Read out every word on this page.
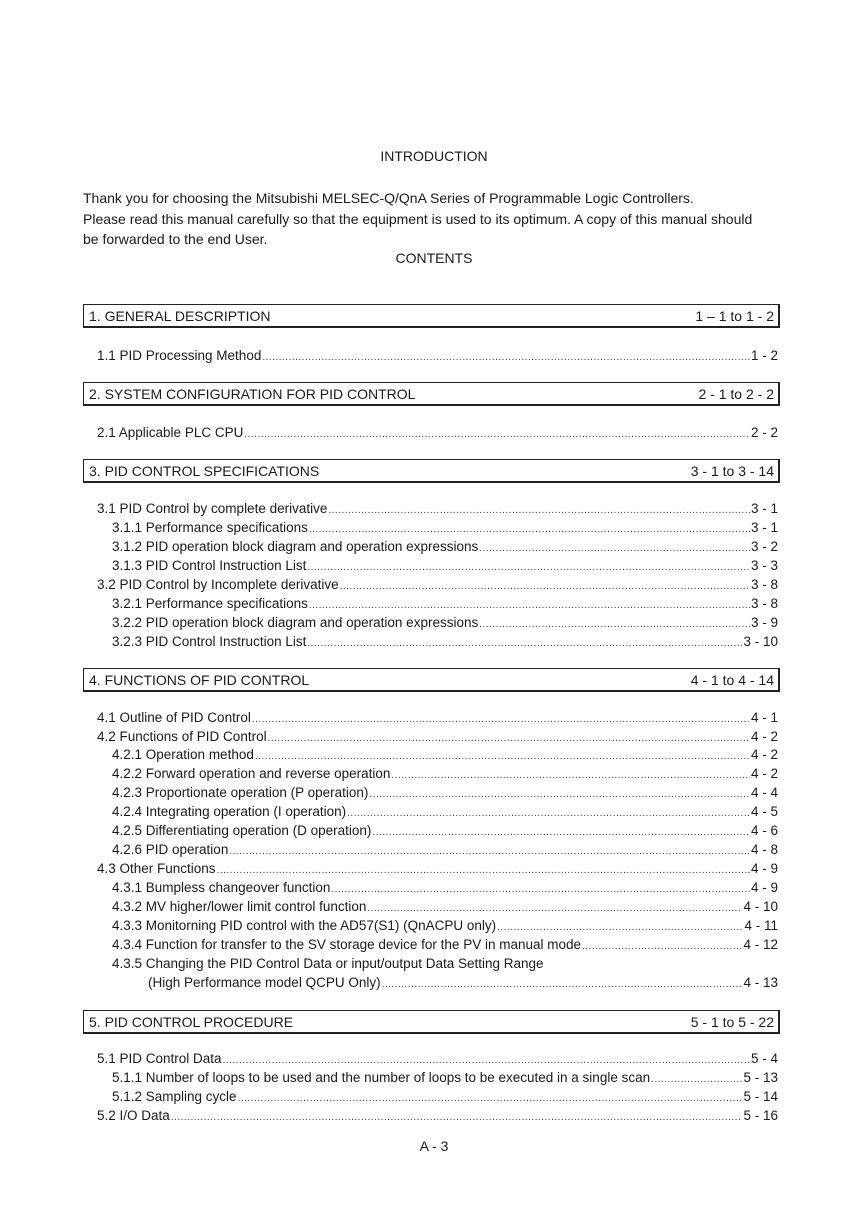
INTRODUCTION
Thank you for choosing the Mitsubishi MELSEC-Q/QnA Series of Programmable Logic Controllers.
Please read this manual carefully so that the equipment is used to its optimum. A copy of this manual should
be forwarded to the end User.
CONTENTS
1. GENERAL DESCRIPTION	1 – 1 to 1 - 2
1.1 PID Processing Method .....	1 - 2
2. SYSTEM CONFIGURATION FOR PID CONTROL	2 - 1 to 2 - 2
2.1 Applicable PLC CPU .....	2 - 2
3. PID CONTROL SPECIFICATIONS	3 - 1 to 3 - 14
3.1 PID Control by complete derivative .....	3 - 1
3.1.1 Performance specifications .....	3 - 1
3.1.2 PID operation block diagram and operation expressions .....	3 - 2
3.1.3 PID Control Instruction List .....	3 - 3
3.2 PID Control by Incomplete derivative .....	3 - 8
3.2.1 Performance specifications .....	3 - 8
3.2.2 PID operation block diagram and operation expressions .....	3 - 9
3.2.3 PID Control Instruction List .....	3 - 10
4. FUNCTIONS OF PID CONTROL	4 - 1 to 4 - 14
4.1 Outline of PID Control .....	4 - 1
4.2 Functions of PID Control .....	4 - 2
4.2.1 Operation method .....	4 - 2
4.2.2 Forward operation and reverse operation .....	4 - 2
4.2.3 Proportionate operation (P operation) .....	4 - 4
4.2.4 Integrating operation (I operation) .....	4 - 5
4.2.5 Differentiating operation (D operation) .....	4 - 6
4.2.6 PID operation .....	4 - 8
4.3 Other Functions .....	4 - 9
4.3.1 Bumpless changeover function .....	4 - 9
4.3.2 MV higher/lower limit control function .....	4 - 10
4.3.3 Monitorning PID control with the AD57(S1) (QnACPU only) .....	4 - 11
4.3.4 Function for transfer to the SV storage device for the PV in manual mode .....	4 - 12
4.3.5 Changing the PID Control Data or input/output Data Setting Range
(High Performance model QCPU Only) .....	4 - 13
5. PID CONTROL PROCEDURE	5 - 1 to 5 - 22
5.1 PID Control Data .....	5 - 4
5.1.1 Number of loops to be used and the number of loops to be executed in a single scan .....	5 - 13
5.1.2 Sampling cycle .....	5 - 14
5.2 I/O Data .....	5 - 16
A - 3
